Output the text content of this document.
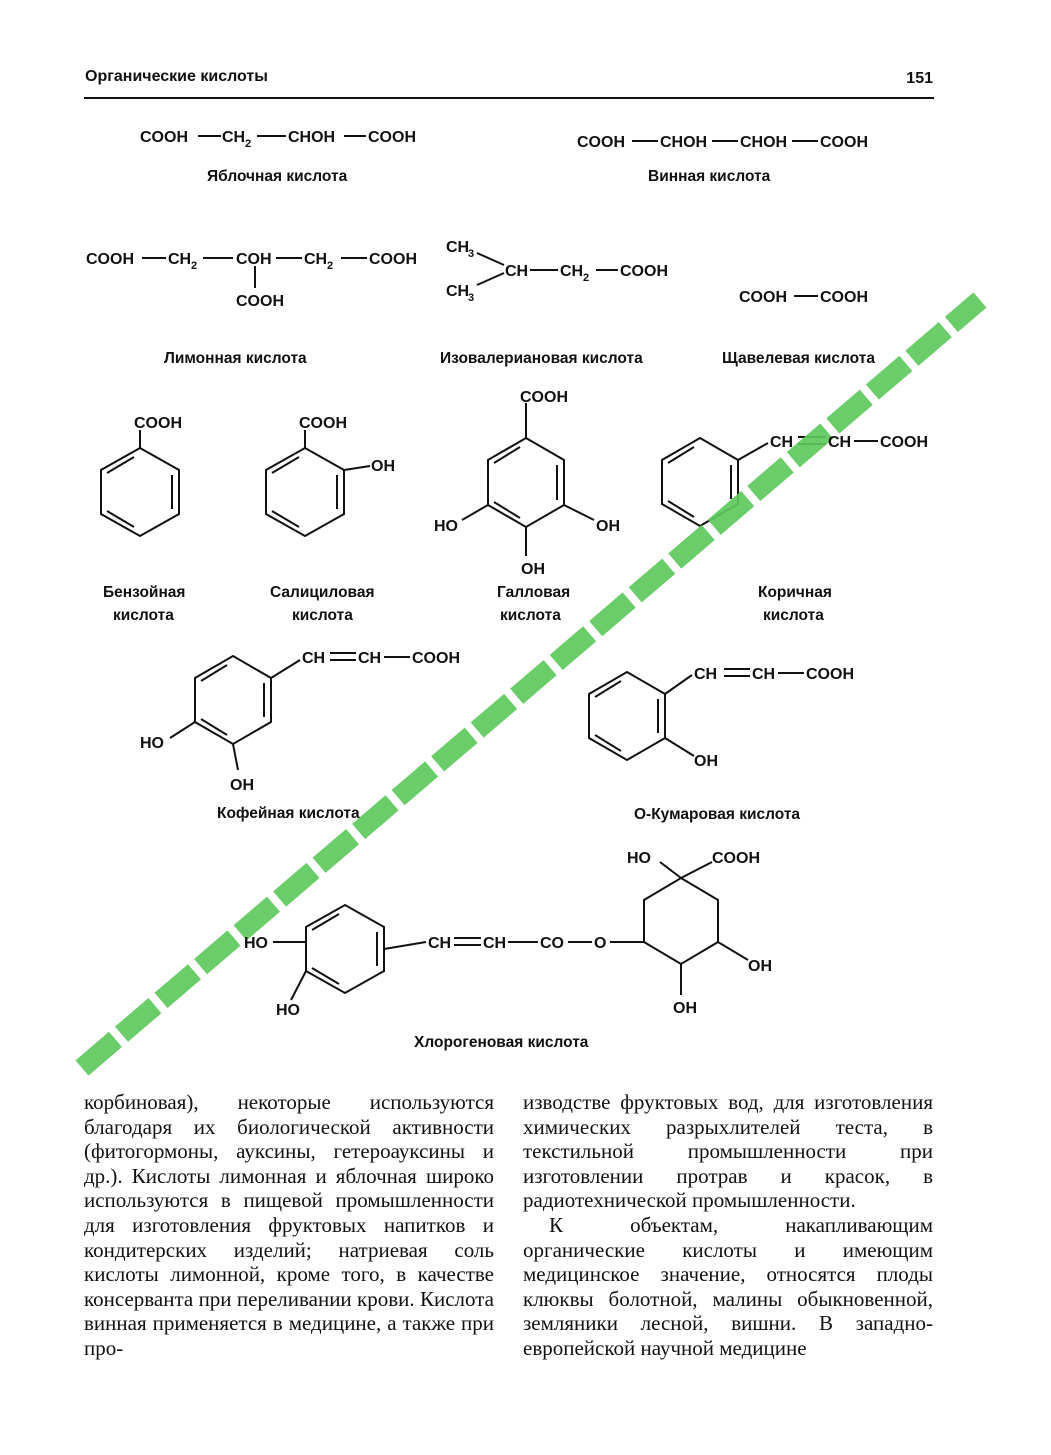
Органические кислоты	151
COOH CH 2 CHOH COOH	COOH CHOH CHOH COOH
COOH CH 2 COH CH 2 COOH
COOH
CH
3
CH
3
CH CH 2 COOH
COOH COOH
COOH	COOH
OH
COOH
HO	OH
OH
CH CH COOH
CH CH COOH
HO
OH
CH CH COOH
OH
HO
HO
CH CH CO O
HO	COOH
OH
OH
Яблочная кислота	Винная кислота
Лимонная кислота	Изовалериановая кислота	Щавелевая кислота
Бензойная
кислота
Салициловая
кислота
Галловая
кислота
Коричная
кислота
Кофейная кислота	О-Кумаровая кислота
Хлорогеновая кислота

корбиновая), некоторые используются благодаря их биологической активности (фитогормоны, ауксины, гетероауксины и др.). Кислоты лимонная и яблочная широко используются в пищевой промышленности для изготовления фруктовых напитков и кондитерских изделий; натриевая соль кислоты лимонной, кроме того, в качестве консерванта при переливании крови. Кислота винная применяется в медицине, а также при про-

изводстве фруктовых вод, для изготовления химических разрыхлителей теста, в текстильной промышленности при изготовлении протрав и красок, в радиотехнической промышленности.

К объектам, накапливающим органические кислоты и имеющим медицинское значение, относятся плоды клюквы болотной, малины обыкновенной, земляники лесной, вишни. В западно-европейской научной медицине
